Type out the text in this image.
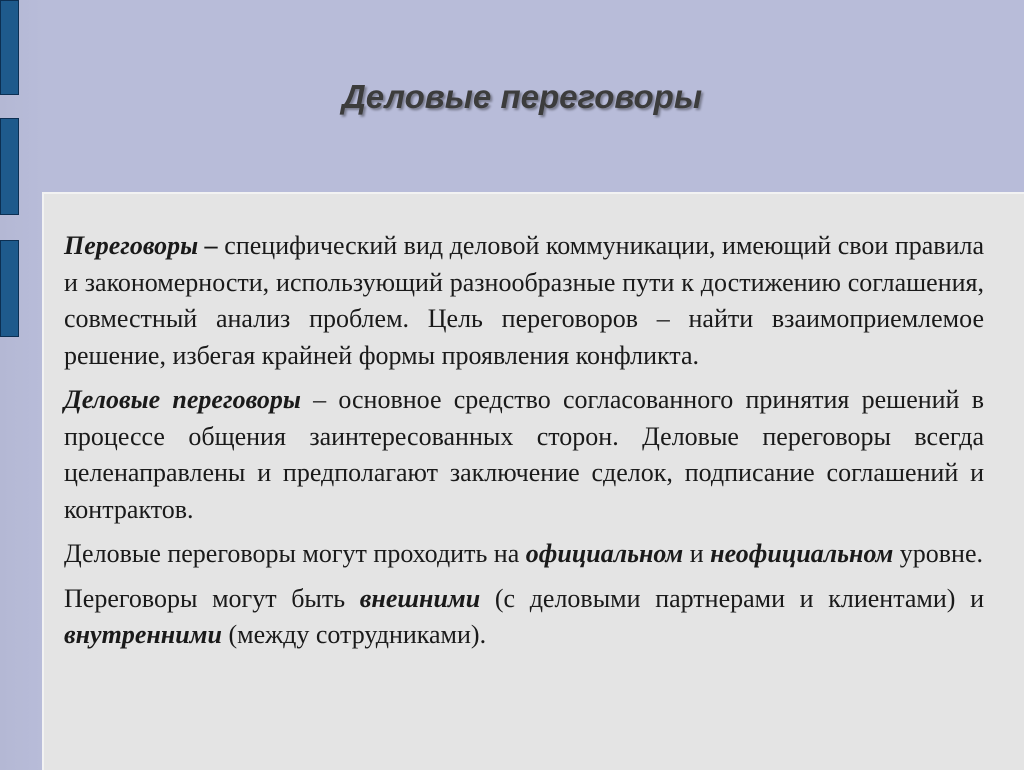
Деловые переговоры

Переговоры – специфический вид деловой коммуникации, имеющий свои правила и закономерности, использующий разнообразные пути к достижению соглашения, совместный анализ проблем. Цель переговоров – найти взаимоприемлемое решение, избегая крайней формы проявления конфликта.

Деловые переговоры – основное средство согласованного принятия решений в процессе общения заинтересованных сторон. Деловые переговоры всегда целенаправлены и предполагают заключение сделок, подписание соглашений и контрактов.

Деловые переговоры могут проходить на официальном и неофициальном уровне.

Переговоры могут быть внешними (с деловыми партнерами и клиентами) и внутренними (между сотрудниками).
